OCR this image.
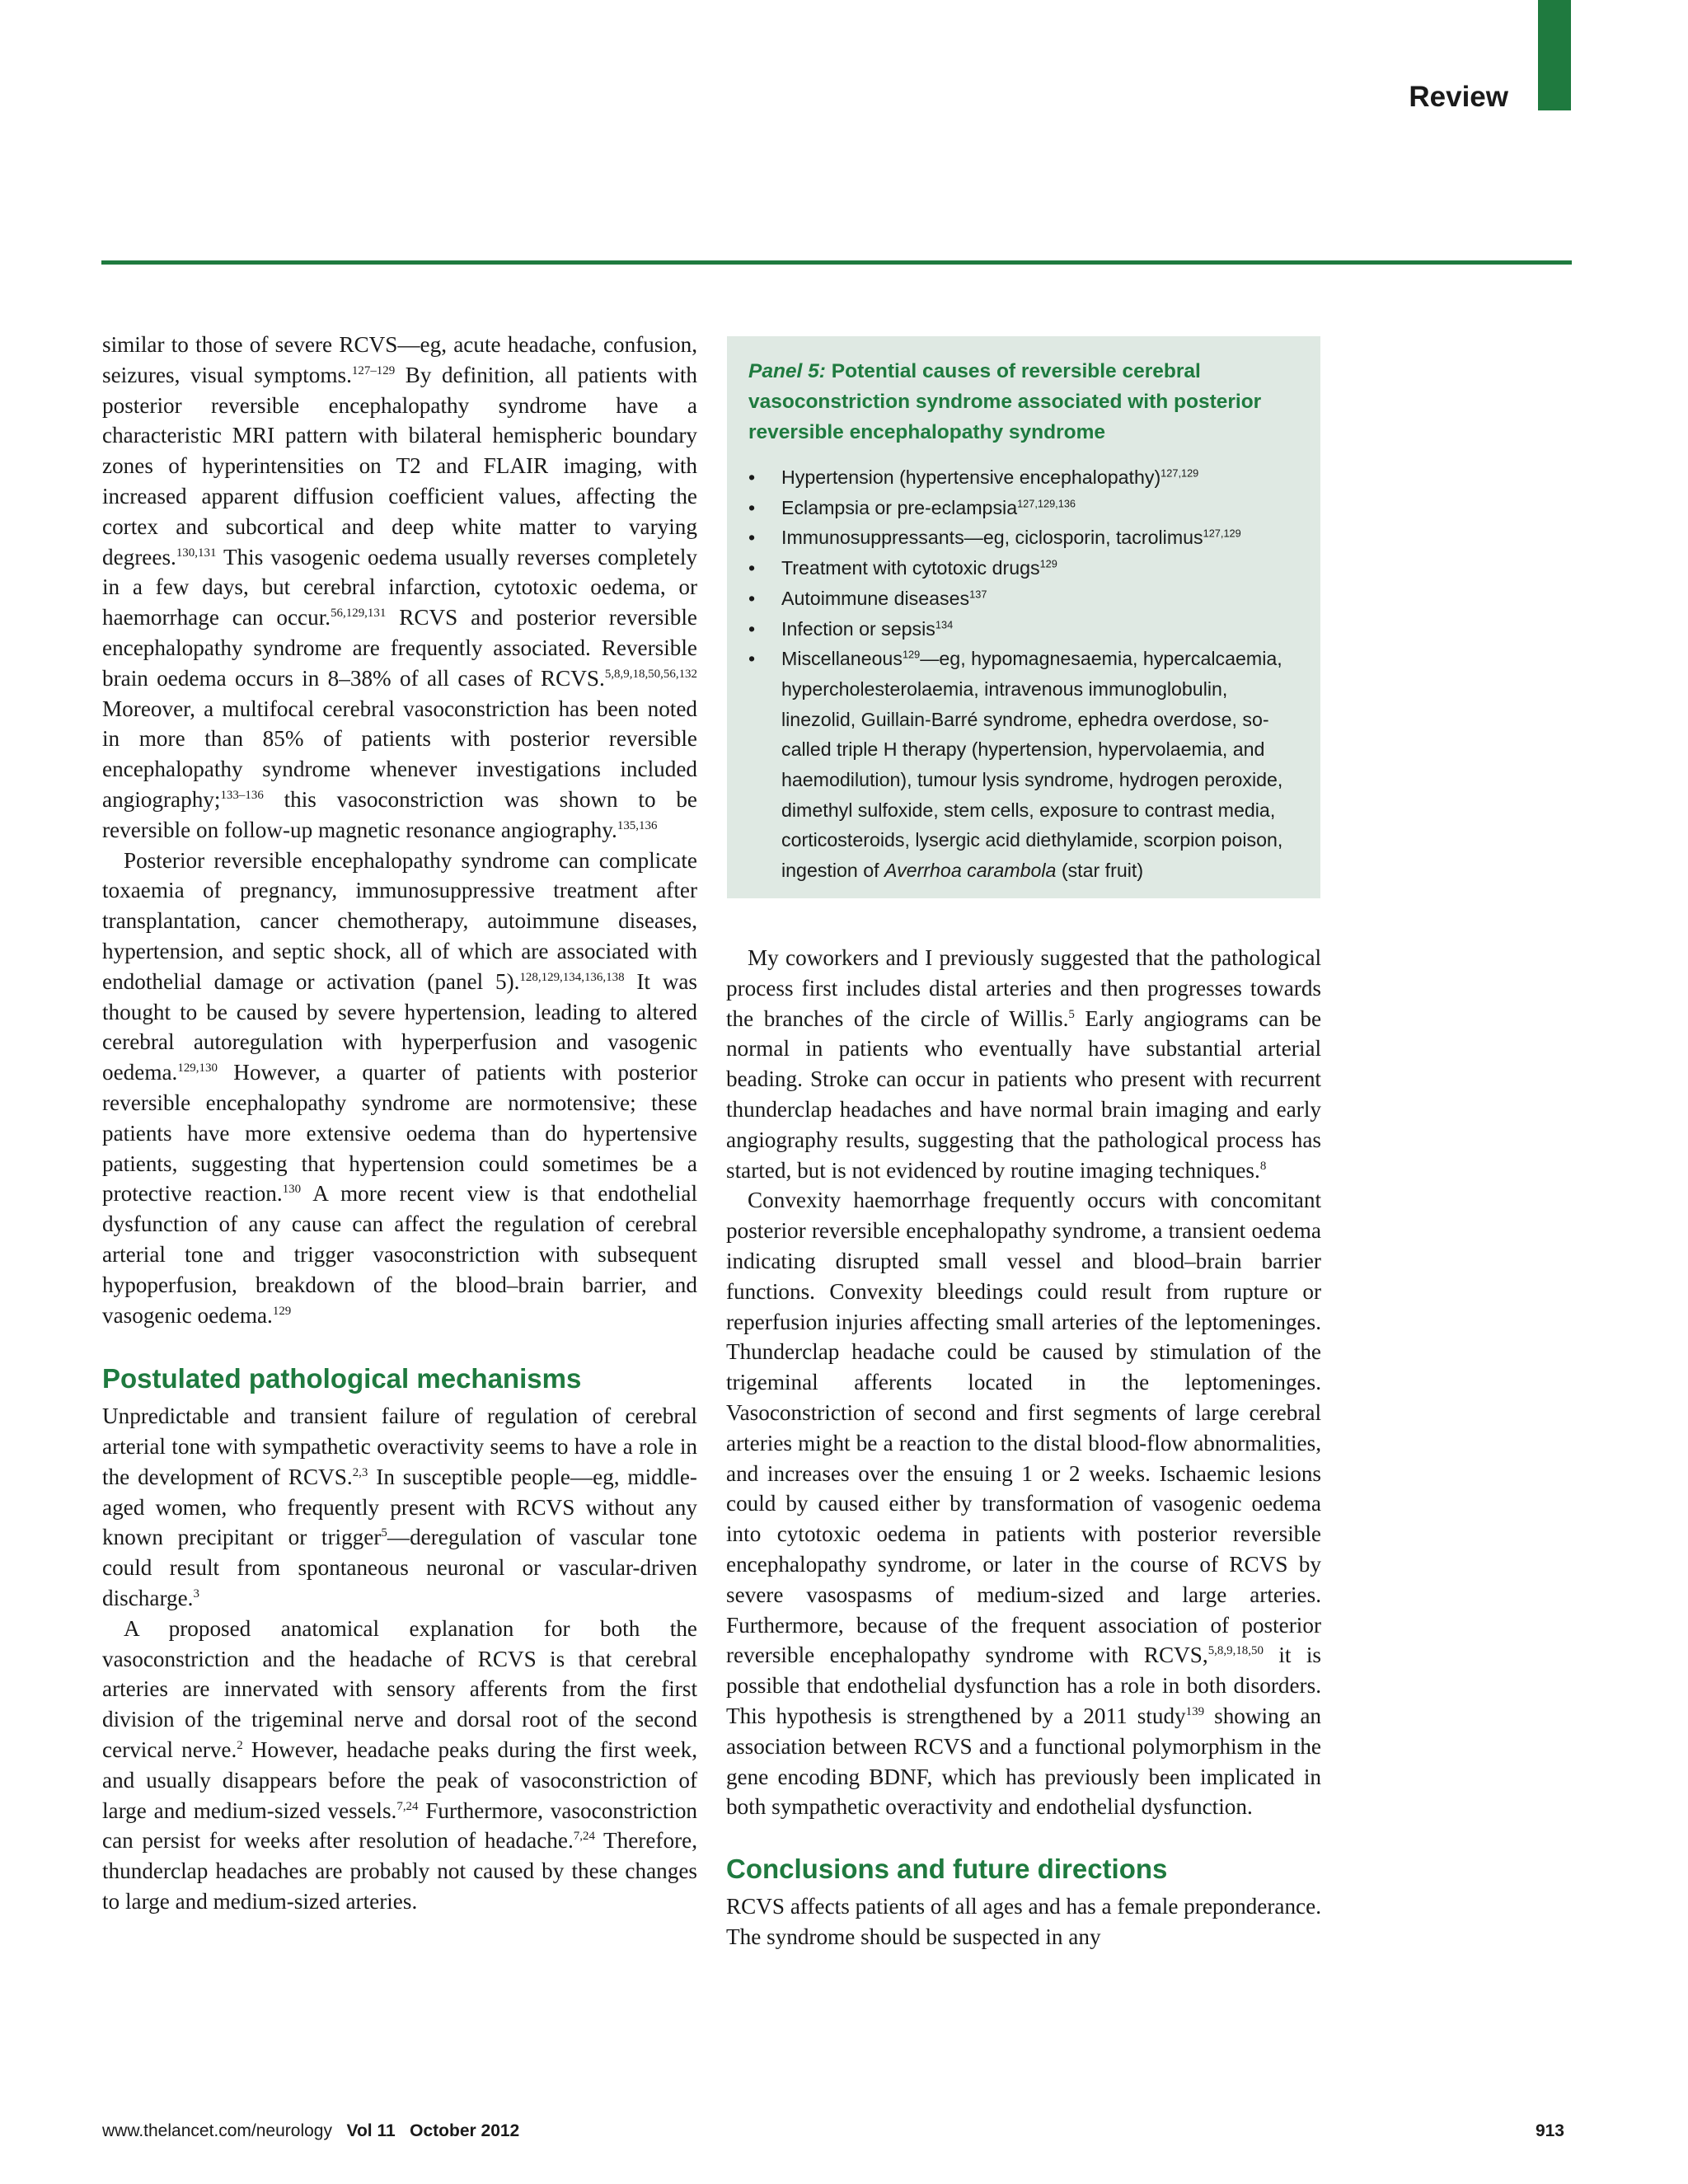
Review

similar to those of severe RCVS—eg, acute headache, confusion, seizures, visual symptoms.$^{127-129}$ By definition, all patients with posterior reversible encephalopathy syndrome have a characteristic MRI pattern with bilateral hemispheric boundary zones of hyperintensities on T2 and FLAIR imaging, with increased apparent diffusion coefficient values, affecting the cortex and subcortical and deep white matter to varying degrees.$^{130,131}$ This vasogenic oedema usually reverses completely in a few days, but cerebral infarction, cytotoxic oedema, or haemorrhage can occur.$^{56,129,131}$ RCVS and posterior reversible encephalopathy syndrome are frequently associated. Reversible brain oedema occurs in 8–38% of all cases of RCVS.$^{5,8,9,18,50,56,132}$ Moreover, a multifocal cerebral vasoconstriction has been noted in more than 85% of patients with posterior reversible encephalopathy syndrome whenever investigations included angiography;$^{133-136}$ this vasoconstriction was shown to be reversible on follow-up magnetic resonance angiography.$^{135,136}$

Posterior reversible encephalopathy syndrome can complicate toxaemia of pregnancy, immunosuppressive treatment after transplantation, cancer chemotherapy, autoimmune diseases, hypertension, and septic shock, all of which are associated with endothelial damage or activation (panel 5).$^{128,129,134,136,138}$ It was thought to be caused by severe hypertension, leading to altered cerebral autoregulation with hyperperfusion and vasogenic oedema.$^{129,130}$ However, a quarter of patients with posterior reversible encephalopathy syndrome are normotensive; these patients have more extensive oedema than do hypertensive patients, suggesting that hypertension could sometimes be a protective reaction.$^{130}$ A more recent view is that endothelial dysfunction of any cause can affect the regulation of cerebral arterial tone and trigger vasoconstriction with subsequent hypoperfusion, breakdown of the blood–brain barrier, and vasogenic oedema.$^{129}$

Postulated pathological mechanisms

Unpredictable and transient failure of regulation of cerebral arterial tone with sympathetic overactivity seems to have a role in the development of RCVS.$^{2,3}$ In susceptible people—eg, middle-aged women, who frequently present with RCVS without any known precipitant or trigger$^5$—deregulation of vascular tone could result from spontaneous neuronal or vascular-driven discharge.$^3$

A proposed anatomical explanation for both the vasoconstriction and the headache of RCVS is that cerebral arteries are innervated with sensory afferents from the first division of the trigeminal nerve and dorsal root of the second cervical nerve.$^2$ However, headache peaks during the first week, and usually disappears before the peak of vasoconstriction of large and medium-sized vessels.$^{7,24}$ Furthermore, vasoconstriction can persist for weeks after resolution of headache.$^{7,24}$ Therefore, thunderclap headaches are probably not caused by these changes to large and medium-sized arteries.

Panel 5: Potential causes of reversible cerebral vasoconstriction syndrome associated with posterior reversible encephalopathy syndrome
• Hypertension (hypertensive encephalopathy)$^{127,129}$
• Eclampsia or pre-eclampsia$^{127,129,136}$
• Immunosuppressants—eg, ciclosporin, tacrolimus$^{127,129}$
• Treatment with cytotoxic drugs$^{129}$
• Autoimmune diseases$^{137}$
• Infection or sepsis$^{134}$
• Miscellaneous$^{129}$—eg, hypomagnesaemia, hypercalcaemia, hypercholesterolaemia, intravenous immunoglobulin, linezolid, Guillain-Barré syndrome, ephedra overdose, so-called triple H therapy (hypertension, hypervolaemia, and haemodilution), tumour lysis syndrome, hydrogen peroxide, dimethyl sulfoxide, stem cells, exposure to contrast media, corticosteroids, lysergic acid diethylamide, scorpion poison, ingestion of Averrhoa carambola (star fruit)

My coworkers and I previously suggested that the pathological process first includes distal arteries and then progresses towards the branches of the circle of Willis.$^5$ Early angiograms can be normal in patients who eventually have substantial arterial beading. Stroke can occur in patients who present with recurrent thunderclap headaches and have normal brain imaging and early angiography results, suggesting that the pathological process has started, but is not evidenced by routine imaging techniques.$^8$

Convexity haemorrhage frequently occurs with concomitant posterior reversible encephalopathy syndrome, a transient oedema indicating disrupted small vessel and blood–brain barrier functions. Convexity bleedings could result from rupture or reperfusion injuries affecting small arteries of the leptomeninges. Thunderclap headache could be caused by stimulation of the trigeminal afferents located in the leptomeninges. Vasoconstriction of second and first segments of large cerebral arteries might be a reaction to the distal blood-flow abnormalities, and increases over the ensuing 1 or 2 weeks. Ischaemic lesions could by caused either by transformation of vasogenic oedema into cytotoxic oedema in patients with posterior reversible encephalopathy syndrome, or later in the course of RCVS by severe vasospasms of medium-sized and large arteries. Furthermore, because of the frequent association of posterior reversible encephalopathy syndrome with RCVS,$^{5,8,9,18,50}$ it is possible that endothelial dysfunction has a role in both disorders. This hypothesis is strengthened by a 2011 study$^{139}$ showing an association between RCVS and a functional polymorphism in the gene encoding BDNF, which has previously been implicated in both sympathetic overactivity and endothelial dysfunction.

Conclusions and future directions

RCVS affects patients of all ages and has a female preponderance. The syndrome should be suspected in any

www.thelancet.com/neurology Vol 11 October 2012	913
